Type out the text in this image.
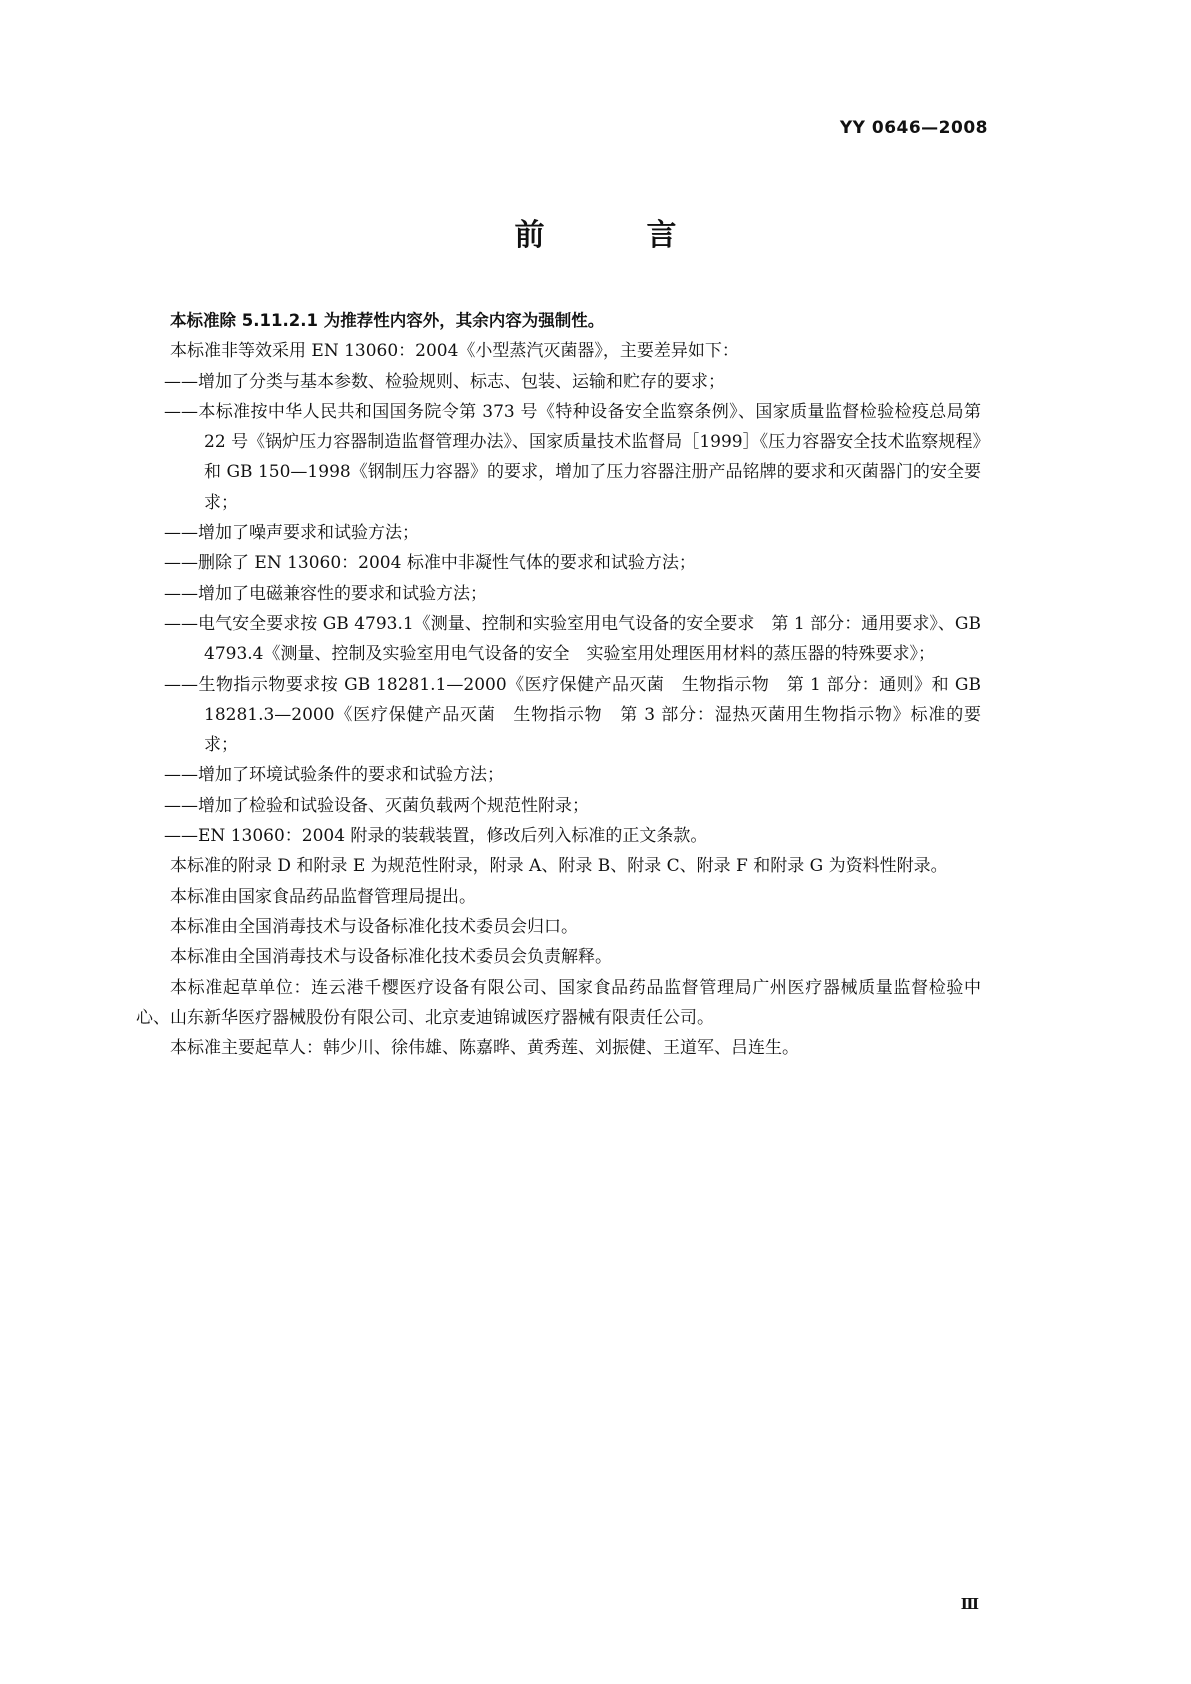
YY 0646—2008
前　言

本标准除 5.11.2.1 为推荐性内容外，其余内容为强制性。

本标准非等效采用 EN 13060：2004《小型蒸汽灭菌器》，主要差异如下：

——增加了分类与基本参数、检验规则、标志、包装、运输和贮存的要求；

——本标准按中华人民共和国国务院令第 373 号《特种设备安全监察条例》、国家质量监督检验检疫总局第 22 号《锅炉压力容器制造监督管理办法》、国家质量技术监督局［1999］《压力容器安全技术监察规程》和 GB 150—1998《钢制压力容器》的要求，增加了压力容器注册产品铭牌的要求和灭菌器门的安全要求；

——增加了噪声要求和试验方法；

——删除了 EN 13060：2004 标准中非凝性气体的要求和试验方法；

——增加了电磁兼容性的要求和试验方法；

——电气安全要求按 GB 4793.1《测量、控制和实验室用电气设备的安全要求　第 1 部分：通用要求》、GB 4793.4《测量、控制及实验室用电气设备的安全　实验室用处理医用材料的蒸压器的特殊要求》；

——生物指示物要求按 GB 18281.1—2000《医疗保健产品灭菌　生物指示物　第 1 部分：通则》和 GB 18281.3—2000《医疗保健产品灭菌　生物指示物　第 3 部分：湿热灭菌用生物指示物》标准的要求；

——增加了环境试验条件的要求和试验方法；

——增加了检验和试验设备、灭菌负载两个规范性附录；

——EN 13060：2004 附录的装载装置，修改后列入标准的正文条款。

本标准的附录 D 和附录 E 为规范性附录，附录 A、附录 B、附录 C、附录 F 和附录 G 为资料性附录。

本标准由国家食品药品监督管理局提出。

本标准由全国消毒技术与设备标准化技术委员会归口。

本标准由全国消毒技术与设备标准化技术委员会负责解释。

本标准起草单位：连云港千樱医疗设备有限公司、国家食品药品监督管理局广州医疗器械质量监督检验中心、山东新华医疗器械股份有限公司、北京麦迪锦诚医疗器械有限责任公司。

本标准主要起草人：韩少川、徐伟雄、陈嘉晔、黄秀莲、刘振健、王道军、吕连生。

Ⅲ
